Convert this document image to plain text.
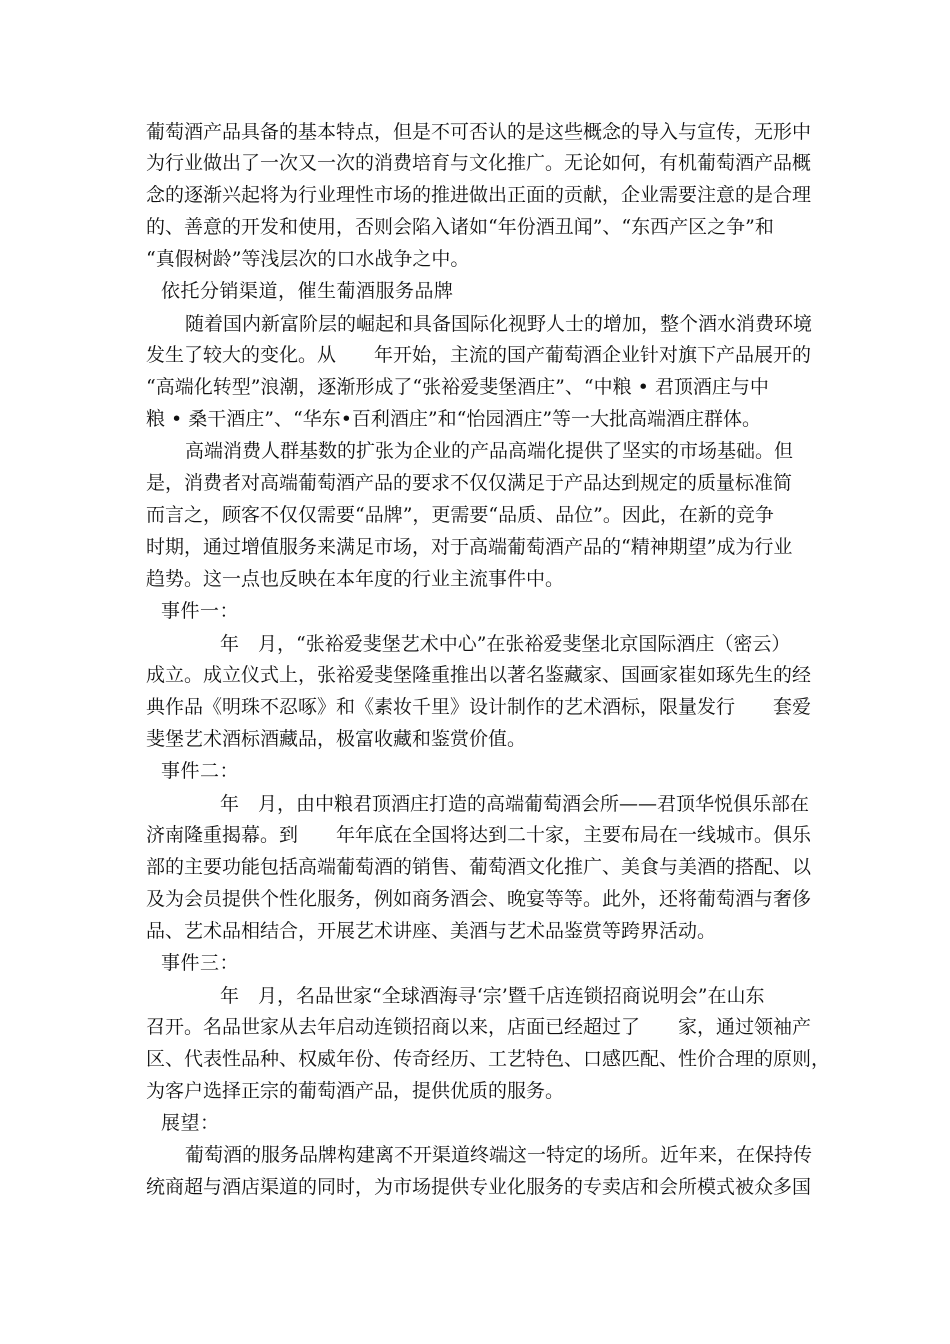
葡萄酒产品具备的基本特点，但是不可否认的是这些概念的导入与宣传，无形中
为行业做出了一次又一次的消费培育与文化推广。无论如何，有机葡萄酒产品概
念的逐渐兴起将为行业理性市场的推进做出正面的贡献，企业需要注意的是合理
的、善意的开发和使用，否则会陷入诸如“年份酒丑闻”、“东西产区之争”和
“真假树龄”等浅层次的口水战争之中。
依托分销渠道，催生葡酒服务品牌
随着国内新富阶层的崛起和具备国际化视野人士的增加，整个酒水消费环境
发生了较大的变化。从　　年开始，主流的国产葡萄酒企业针对旗下产品展开的
“高端化转型”浪潮，逐渐形成了“张裕爱斐堡酒庄”、“中粮 • 君顶酒庄与中
粮 • 桑干酒庄”、“华东•百利酒庄”和“怡园酒庄”等一大批高端酒庄群体。
高端消费人群基数的扩张为企业的产品高端化提供了坚实的市场基础。但
是，消费者对高端葡萄酒产品的要求不仅仅满足于产品达到规定的质量标准简
而言之，顾客不仅仅需要“品牌”，更需要“品质、品位”。因此，在新的竞争
时期，通过增值服务来满足市场，对于高端葡萄酒产品的“精神期望”成为行业
趋势。这一点也反映在本年度的行业主流事件中。
事件一：
年　月，“张裕爱斐堡艺术中心”在张裕爱斐堡北京国际酒庄（密云）
成立。成立仪式上，张裕爱斐堡隆重推出以著名鉴藏家、国画家崔如琢先生的经
典作品《明珠不忍啄》和《素妆千里》设计制作的艺术酒标，限量发行　　套爱
斐堡艺术酒标酒藏品，极富收藏和鉴赏价值。
事件二：
年　月，由中粮君顶酒庄打造的高端葡萄酒会所——君顶华悦俱乐部在
济南隆重揭幕。到　　年年底在全国将达到二十家，主要布局在一线城市。俱乐
部的主要功能包括高端葡萄酒的销售、葡萄酒文化推广、美食与美酒的搭配、以
及为会员提供个性化服务，例如商务酒会、晚宴等等。此外，还将葡萄酒与奢侈
品、艺术品相结合，开展艺术讲座、美酒与艺术品鉴赏等跨界活动。
事件三：
年　月，名品世家“全球酒海寻‘宗’暨千店连锁招商说明会”在山东
召开。名品世家从去年启动连锁招商以来，店面已经超过了　　家，通过领袖产
区、代表性品种、权威年份、传奇经历、工艺特色、口感匹配、性价合理的原则，
为客户选择正宗的葡萄酒产品，提供优质的服务。
展望：
葡萄酒的服务品牌构建离不开渠道终端这一特定的场所。近年来，在保持传
统商超与酒店渠道的同时，为市场提供专业化服务的专卖店和会所模式被众多国
